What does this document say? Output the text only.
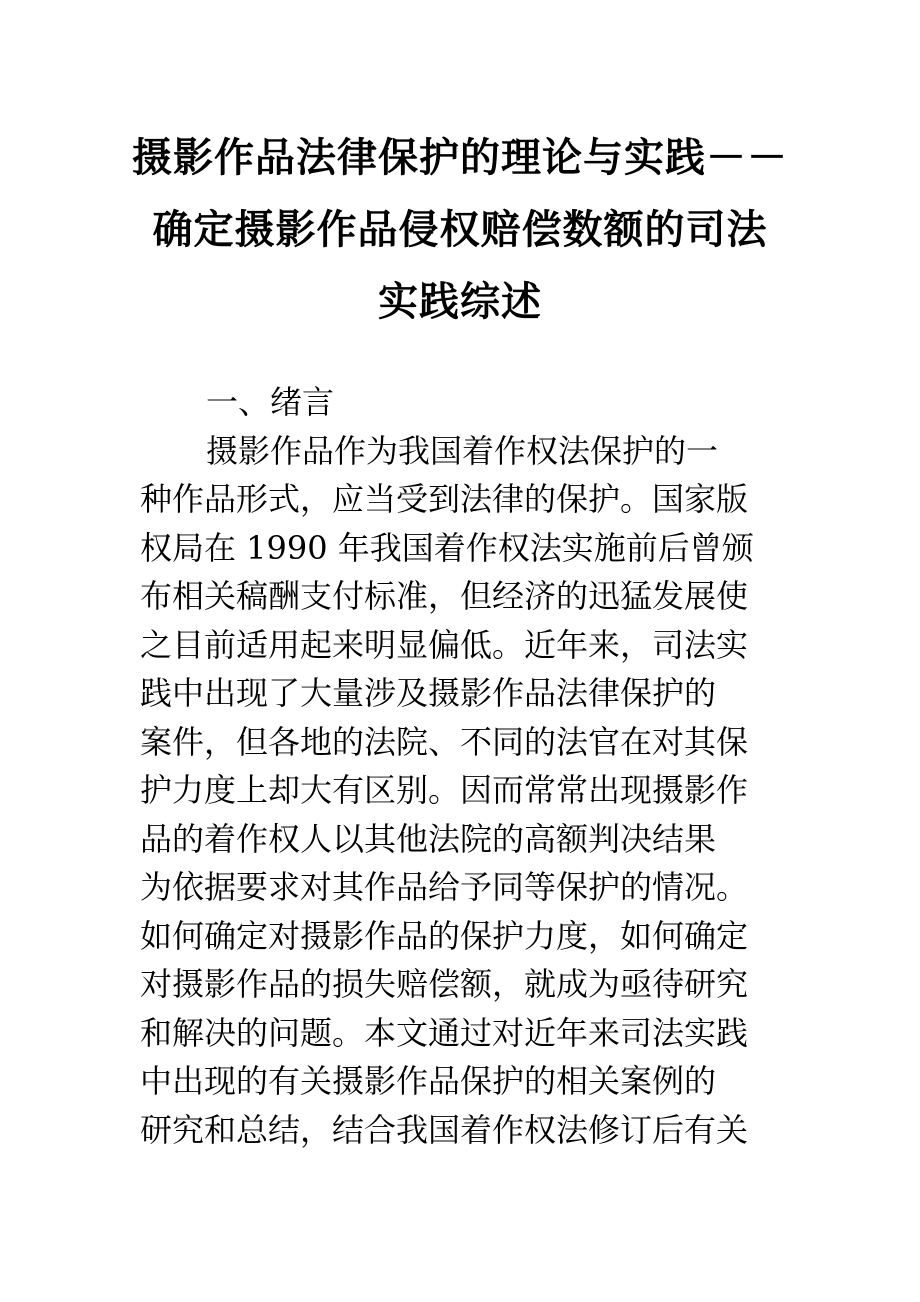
摄影作品法律保护的理论与实践－－
确定摄影作品侵权赔偿数额的司法
实践综述
一、绪言
摄影作品作为我国着作权法保护的一
种作品形式，应当受到法律的保护。国家版
权局在 1990 年我国着作权法实施前后曾颁
布相关稿酬支付标准，但经济的迅猛发展使
之目前适用起来明显偏低。近年来，司法实
践中出现了大量涉及摄影作品法律保护的
案件，但各地的法院、不同的法官在对其保
护力度上却大有区别。因而常常出现摄影作
品的着作权人以其他法院的高额判决结果
为依据要求对其作品给予同等保护的情况。
如何确定对摄影作品的保护力度，如何确定
对摄影作品的损失赔偿额，就成为亟待研究
和解决的问题。本文通过对近年来司法实践
中出现的有关摄影作品保护的相关案例的
研究和总结，结合我国着作权法修订后有关
